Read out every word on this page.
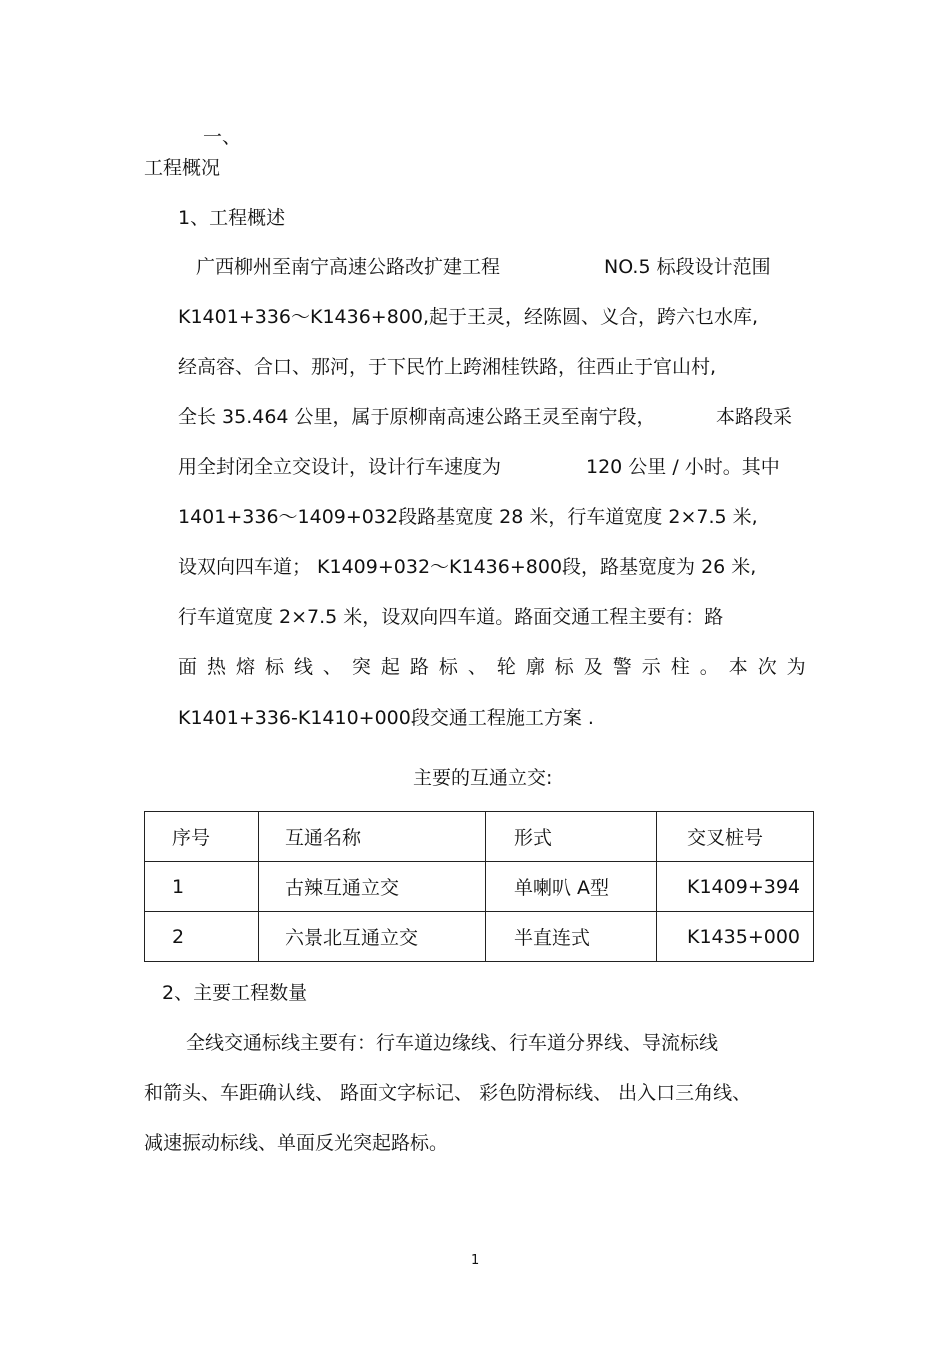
一、
工程概况
1、工程概述
广西柳州至南宁高速公路改扩建工程	NO.5 标段设计范围
K1401+336～K1436+800,起于王灵，经陈圆、义合，跨六乜水库,
经高容、合口、那河，于下民竹上跨湘桂铁路，往西止于官山村,
全长 35.464 公里，属于原柳南高速公路王灵至南宁段，	本路段采
用全封闭全立交设计，设计行车速度为	120 公里 / 小时。其中
1401+336～1409+032段路基宽度 28 米，行车道宽度 2×7.5 米,
设双向四车道； K1409+032～K1436+800段，路基宽度为 26 米,
行车道宽度 2×7.5 米，设双向四车道。路面交通工程主要有：路
面 热 熔 标 线 、 突 起 路 标 、 轮 廓 标 及 警 示 柱 。 本 次 为
K1401+336-K1410+000段交通工程施工方案 .
主要的互通立交:
序号	互通名称	形式	交叉桩号
1	古辣互通立交	单喇叭 A型	K1409+394
2	六景北互通立交	半直连式	K1435+000
2、主要工程数量
全线交通标线主要有：行车道边缘线、行车道分界线、导流标线
和箭头、车距确认线、 路面文字标记、 彩色防滑标线、 出入口三角线、
减速振动标线、单面反光突起路标。
1
